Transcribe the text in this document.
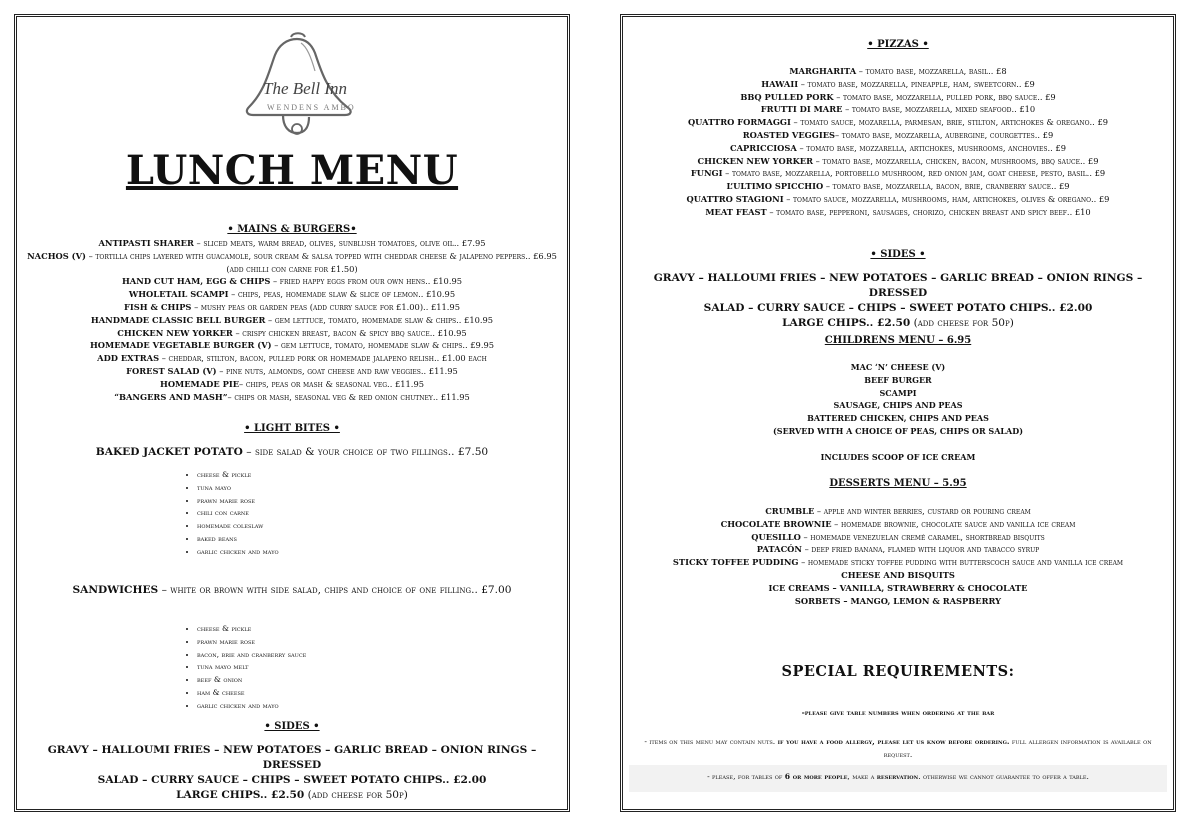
The Bell Inn
WENDENS AMBO
LUNCH MENU
• MAINS & BURGERS•
ANTIPASTI SHARER – sliced meats, warm bread, olives, sunblush tomatoes, olive oil.. £7.95
NACHOS (V) – tortilla chips layered with guacamole, sour cream & salsa topped with cheddar cheese & jalapeno peppers.. £6.95 (add chilli con carne for £1.50)
HAND CUT HAM, EGG & CHIPS – fried happy eggs from our own hens.. £10.95
WHOLETAIL SCAMPI – chips, peas, homemade slaw & slice of lemon.. £10.95
FISH & CHIPS – mushy peas or garden peas (add curry sauce for £1.00).. £11.95
HANDMADE CLASSIC BELL BURGER – gem lettuce, tomato, homemade slaw & chips.. £10.95
CHICKEN NEW YORKER – crispy chicken breast, bacon & spicy bbq sauce.. £10.95
HOMEMADE VEGETABLE BURGER (V) – gem lettuce, tomato, homemade slaw & chips.. £9.95
ADD EXTRAS – cheddar, stilton, bacon, pulled pork or homemade jalapeno relish.. £1.00 each
FOREST SALAD (V) – pine nuts, almonds, goat cheese and raw veggies.. £11.95
HOMEMADE PIE– chips, peas or mash & seasonal veg.. £11.95
“BANGERS AND MASH”– chips or mash, seasonal veg & red onion chutney.. £11.95
• LIGHT BITES •
BAKED JACKET POTATO – side salad & your choice of two fillings.. £7.50
• cheese & pickle
• tuna mayo
• prawn marie rose
• chili con carne
• homemade coleslaw
• baked beans
• garlic chicken and mayo
SANDWICHES – white or brown with side salad, chips and choice of one filling.. £7.00
• cheese & pickle
• prawn marie rose
• bacon, brie and cranberry sauce
• tuna mayo melt
• beef & onion
• ham & cheese
• garlic chicken and mayo
• SIDES •
GRAVY – HALLOUMI FRIES – NEW POTATOES – GARLIC BREAD – ONION RINGS – DRESSED
SALAD – CURRY SAUCE – CHIPS – SWEET POTATO CHIPS.. £2.00
LARGE CHIPS.. £2.50 (add cheese for 50p)
• PIZZAS •
MARGHARITA – tomato base, mozzarella, basil.. £8
HAWAII – tomato base, mozzarella, pineapple, ham, sweetcorn.. £9
BBQ PULLED PORK – tomato base, mozzarella, pulled pork, bbq sauce.. £9
FRUTTI DI MARE – tomato base, mozzarella, mixed seafood.. £10
QUATTRO FORMAGGI – tomato sauce, mozarella, parmesan, brie, stilton, artichokes & oregano.. £9
ROASTED VEGGIES– tomato base, mozzarella, aubergine, courgettes.. £9
CAPRICCIOSA – tomato base, mozzarella, artichokes, mushrooms, anchovies.. £9
CHICKEN NEW YORKER – tomato base, mozzarella, chicken, bacon, mushrooms, bbq sauce.. £9
FUNGI – tomato base, mozzarella, portobello mushroom, red onion jam, goat cheese, pesto, basil.. £9
L’ULTIMO SPICCHIO – tomato base, mozzarella, bacon, brie, cranberry sauce.. £9
QUATTRO STAGIONI – tomato sauce, mozzarella, mushrooms, ham, artichokes, olives & oregano.. £9
MEAT FEAST – tomato base, pepperoni, sausages, chorizo, chicken breast and spicy beef.. £10
• SIDES •
GRAVY – HALLOUMI FRIES – NEW POTATOES – GARLIC BREAD – ONION RINGS – DRESSED
SALAD – CURRY SAUCE – CHIPS – SWEET POTATO CHIPS.. £2.00
LARGE CHIPS.. £2.50 (add cheese for 50p)
CHILDRENS MENU – 6.95
MAC ‘N’ CHEESE (V)
BEEF BURGER
SCAMPI
SAUSAGE, CHIPS AND PEAS
BATTERED CHICKEN, CHIPS AND PEAS
(SERVED WITH A CHOICE OF PEAS, CHIPS OR SALAD)
INCLUDES SCOOP OF ICE CREAM
DESSERTS MENU – 5.95
CRUMBLE – apple and winter berries, custard or pouring cream
CHOCOLATE BROWNIE – homemade brownie, chocolate sauce and vanilla ice cream
QUESILLO – homemade venezuelan cremé caramel, shortbread bisquits
PATACÓN – deep fried banana, flamed with liquor and tabacco syrup
STICKY TOFFEE PUDDING – homemade sticky toffee pudding with butterscoch sauce and vanilla ice cream
CHEESE AND BISQUITS
ICE CREAMS – VANILLA, STRAWBERRY & CHOCOLATE
SORBETS – MANGO, LEMON & RASPBERRY
SPECIAL REQUIREMENTS:
-please give table numbers when ordering at the bar
- items on this menu may contain nuts. if you have a food allergy, please let us know before ordering. full allergen information is available on request.
- please, for tables of 6 or more people, make a reservation. otherwise we cannot guarantee to offer a table.
